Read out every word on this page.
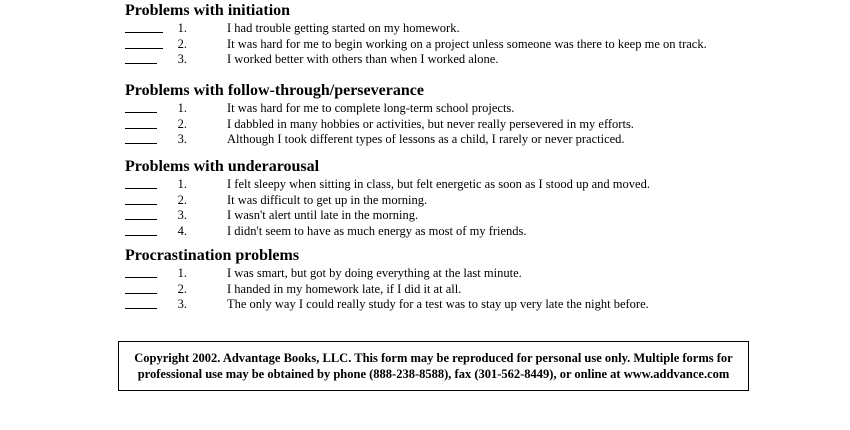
Problems with initiation
1.	I had trouble getting started on my homework.
2.	It was hard for me to begin working on a project unless someone was there to keep me on track.
3.	I worked better with others than when I worked alone.
Problems with follow-through/perseverance
1.	It was hard for me to complete long-term school projects.
2.	I dabbled in many hobbies or activities, but never really persevered in my efforts.
3.	Although I took different types of lessons as a child, I rarely or never practiced.
Problems with underarousal
1.	I felt sleepy when sitting in class, but felt energetic as soon as I stood up and moved.
2.	It was difficult to get up in the morning.
3.	I wasn't alert until late in the morning.
4.	I didn't seem to have as much energy as most of my friends.
Procrastination problems
1.	I was smart, but got by doing everything at the last minute.
2.	I handed in my homework late, if I did it at all.
3.	The only way I could really study for a test was to stay up very late the night before.
Copyright 2002. Advantage Books, LLC. This form may be reproduced for personal use only. Multiple forms for professional use may be obtained by phone (888-238-8588), fax (301-562-8449), or online at www.addvance.com
